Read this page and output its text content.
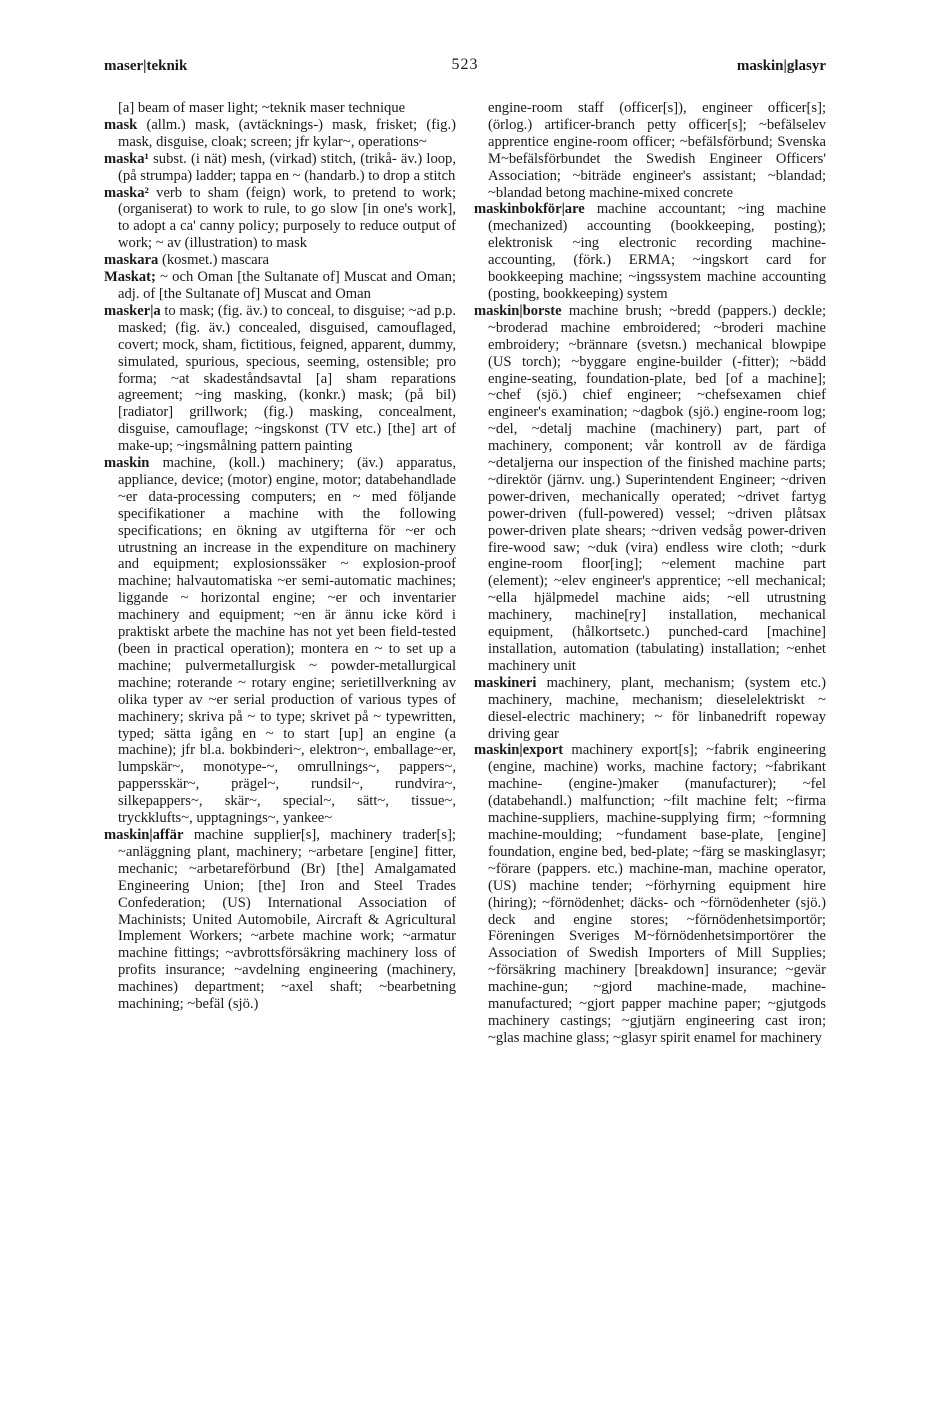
maser|teknik	523	maskin|glasyr

[a] beam of maser light; ~teknik maser technique

mask (allm.) mask, (avtäcknings-) mask, frisket; (fig.) mask, disguise, cloak; screen; jfr kylar~, operations~

maska¹ subst. (i nät) mesh, (virkad) stitch, (trikå- äv.) loop, (på strumpa) ladder; tappa en ~ (handarb.) to drop a stitch

maska² verb to sham (feign) work, to pretend to work; (organiserat) to work to rule, to go slow [in one's work], to adopt a ca' canny policy; purposely to reduce output of work; ~ av (illustration) to mask

maskara (kosmet.) mascara

Maskat; ~ och Oman [the Sultanate of] Muscat and Oman; adj. of [the Sultanate of] Muscat and Oman

masker|a to mask; (fig. äv.) to conceal, to disguise; ~ad p.p. masked; (fig. äv.) concealed, disguised, camouflaged, covert; mock, sham, fictitious, feigned, apparent, dummy, simulated, spurious, specious, seeming, ostensible; pro forma; ~at skadeståndsavtal [a] sham reparations agreement; ~ing masking, (konkr.) mask; (på bil) [radiator] grillwork; (fig.) masking, concealment, disguise, camouflage; ~ingskonst (TV etc.) [the] art of make-up; ~ingsmålning pattern painting

maskin machine, (koll.) machinery; (äv.) apparatus, appliance, device; (motor) engine, motor; databehandlade ~er data-processing computers; en ~ med följande specifikationer a machine with the following specifications; en ökning av utgifterna för ~er och utrustning an increase in the expenditure on machinery and equipment; explosionssäker ~ explosion-proof machine; halvautomatiska ~er semi-automatic machines; liggande ~ horizontal engine; ~er och inventarier machinery and equipment; ~en är ännu icke körd i praktiskt arbete the machine has not yet been field-tested (been in practical operation); montera en ~ to set up a machine; pulvermetallurgisk ~ powder-metallurgical machine; roterande ~ rotary engine; serietillverkning av olika typer av ~er serial production of various types of machinery; skriva på ~ to type; skrivet på ~ typewritten, typed; sätta igång en ~ to start [up] an engine (a machine); jfr bl.a. bokbinderi~, elektron~, emballage~er, lumpskär~, monotype-~, omrullnings~, pappers~, pappersskär~, prägel~, rundsil~, rundvira~, silkepappers~, skär~, special~, sätt~, tissue~, tryckklufts~, upptagnings~, yankee~

maskin|affär machine supplier[s], machinery trader[s]; ~anläggning plant, machinery; ~arbetare [engine] fitter, mechanic; ~arbetareförbund (Br) [the] Amalgamated Engineering Union; [the] Iron and Steel Trades Confederation; (US) International Association of Machinists; United Automobile, Aircraft & Agricultural Implement Workers; ~arbete machine work; ~armatur machine fittings; ~avbrottsförsäkring machinery loss of profits insurance; ~avdelning engineering (machinery, machines) department; ~axel shaft; ~bearbetning machining; ~befäl (sjö.)

engine-room staff (officer[s]), engineer officer[s]; (örlog.) artificer-branch petty officer[s]; ~befälselev apprentice engine-room officer; ~befälsförbund; Svenska M~befälsförbundet the Swedish Engineer Officers' Association; ~biträde engineer's assistant; ~blandad; ~blandad betong machine-mixed concrete

maskinbokför|are machine accountant; ~ing machine (mechanized) accounting (bookkeeping, posting); elektronisk ~ing electronic recording machine-accounting, (förk.) ERMA; ~ingskort card for bookkeeping machine; ~ingssystem machine accounting (posting, bookkeeping) system

maskin|borste machine brush; ~bredd (pappers.) deckle; ~broderad machine embroidered; ~broderi machine embroidery; ~brännare (svetsn.) mechanical blowpipe (US torch); ~byggare engine-builder (-fitter); ~bädd engine-seating, foundation-plate, bed [of a machine]; ~chef (sjö.) chief engineer; ~chefsexamen chief engineer's examination; ~dagbok (sjö.) engine-room log; ~del, ~detalj machine (machinery) part, part of machinery, component; vår kontroll av de färdiga ~detaljerna our inspection of the finished machine parts; ~direktör (järnv. ung.) Superintendent Engineer; ~driven power-driven, mechanically operated; ~drivet fartyg power-driven (full-powered) vessel; ~driven plåtsax power-driven plate shears; ~driven vedsåg power-driven fire-wood saw; ~duk (vira) endless wire cloth; ~durk engine-room floor[ing]; ~element machine part (element); ~elev engineer's apprentice; ~ell mechanical; ~ella hjälpmedel machine aids; ~ell utrustning machinery, machine[ry] installation, mechanical equipment, (hålkortsetc.) punched-card [machine] installation, automation (tabulating) installation; ~enhet machinery unit

maskineri machinery, plant, mechanism; (system etc.) machinery, machine, mechanism; dieselelektriskt ~ diesel-electric machinery; ~ för linbanedrift ropeway driving gear

maskin|export machinery export[s]; ~fabrik engineering (engine, machine) works, machine factory; ~fabrikant machine- (engine-)maker (manufacturer); ~fel (databehandl.) malfunction; ~filt machine felt; ~firma machine-suppliers, machine-supplying firm; ~formning machine-moulding; ~fundament base-plate, [engine] foundation, engine bed, bed-plate; ~färg se maskinglasyr; ~förare (pappers. etc.) machine-man, machine operator, (US) machine tender; ~förhyrning equipment hire (hiring); ~förnödenhet; däcks- och ~förnödenheter (sjö.) deck and engine stores; ~förnödenhetsimportör; Föreningen Sveriges M~förnödenhetsimportörer the Association of Swedish Importers of Mill Supplies; ~försäkring machinery [breakdown] insurance; ~gevär machine-gun; ~gjord machine-made, machine-manufactured; ~gjort papper machine paper; ~gjutgods machinery castings; ~gjutjärn engineering cast iron; ~glas machine glass; ~glasyr spirit enamel for machinery
